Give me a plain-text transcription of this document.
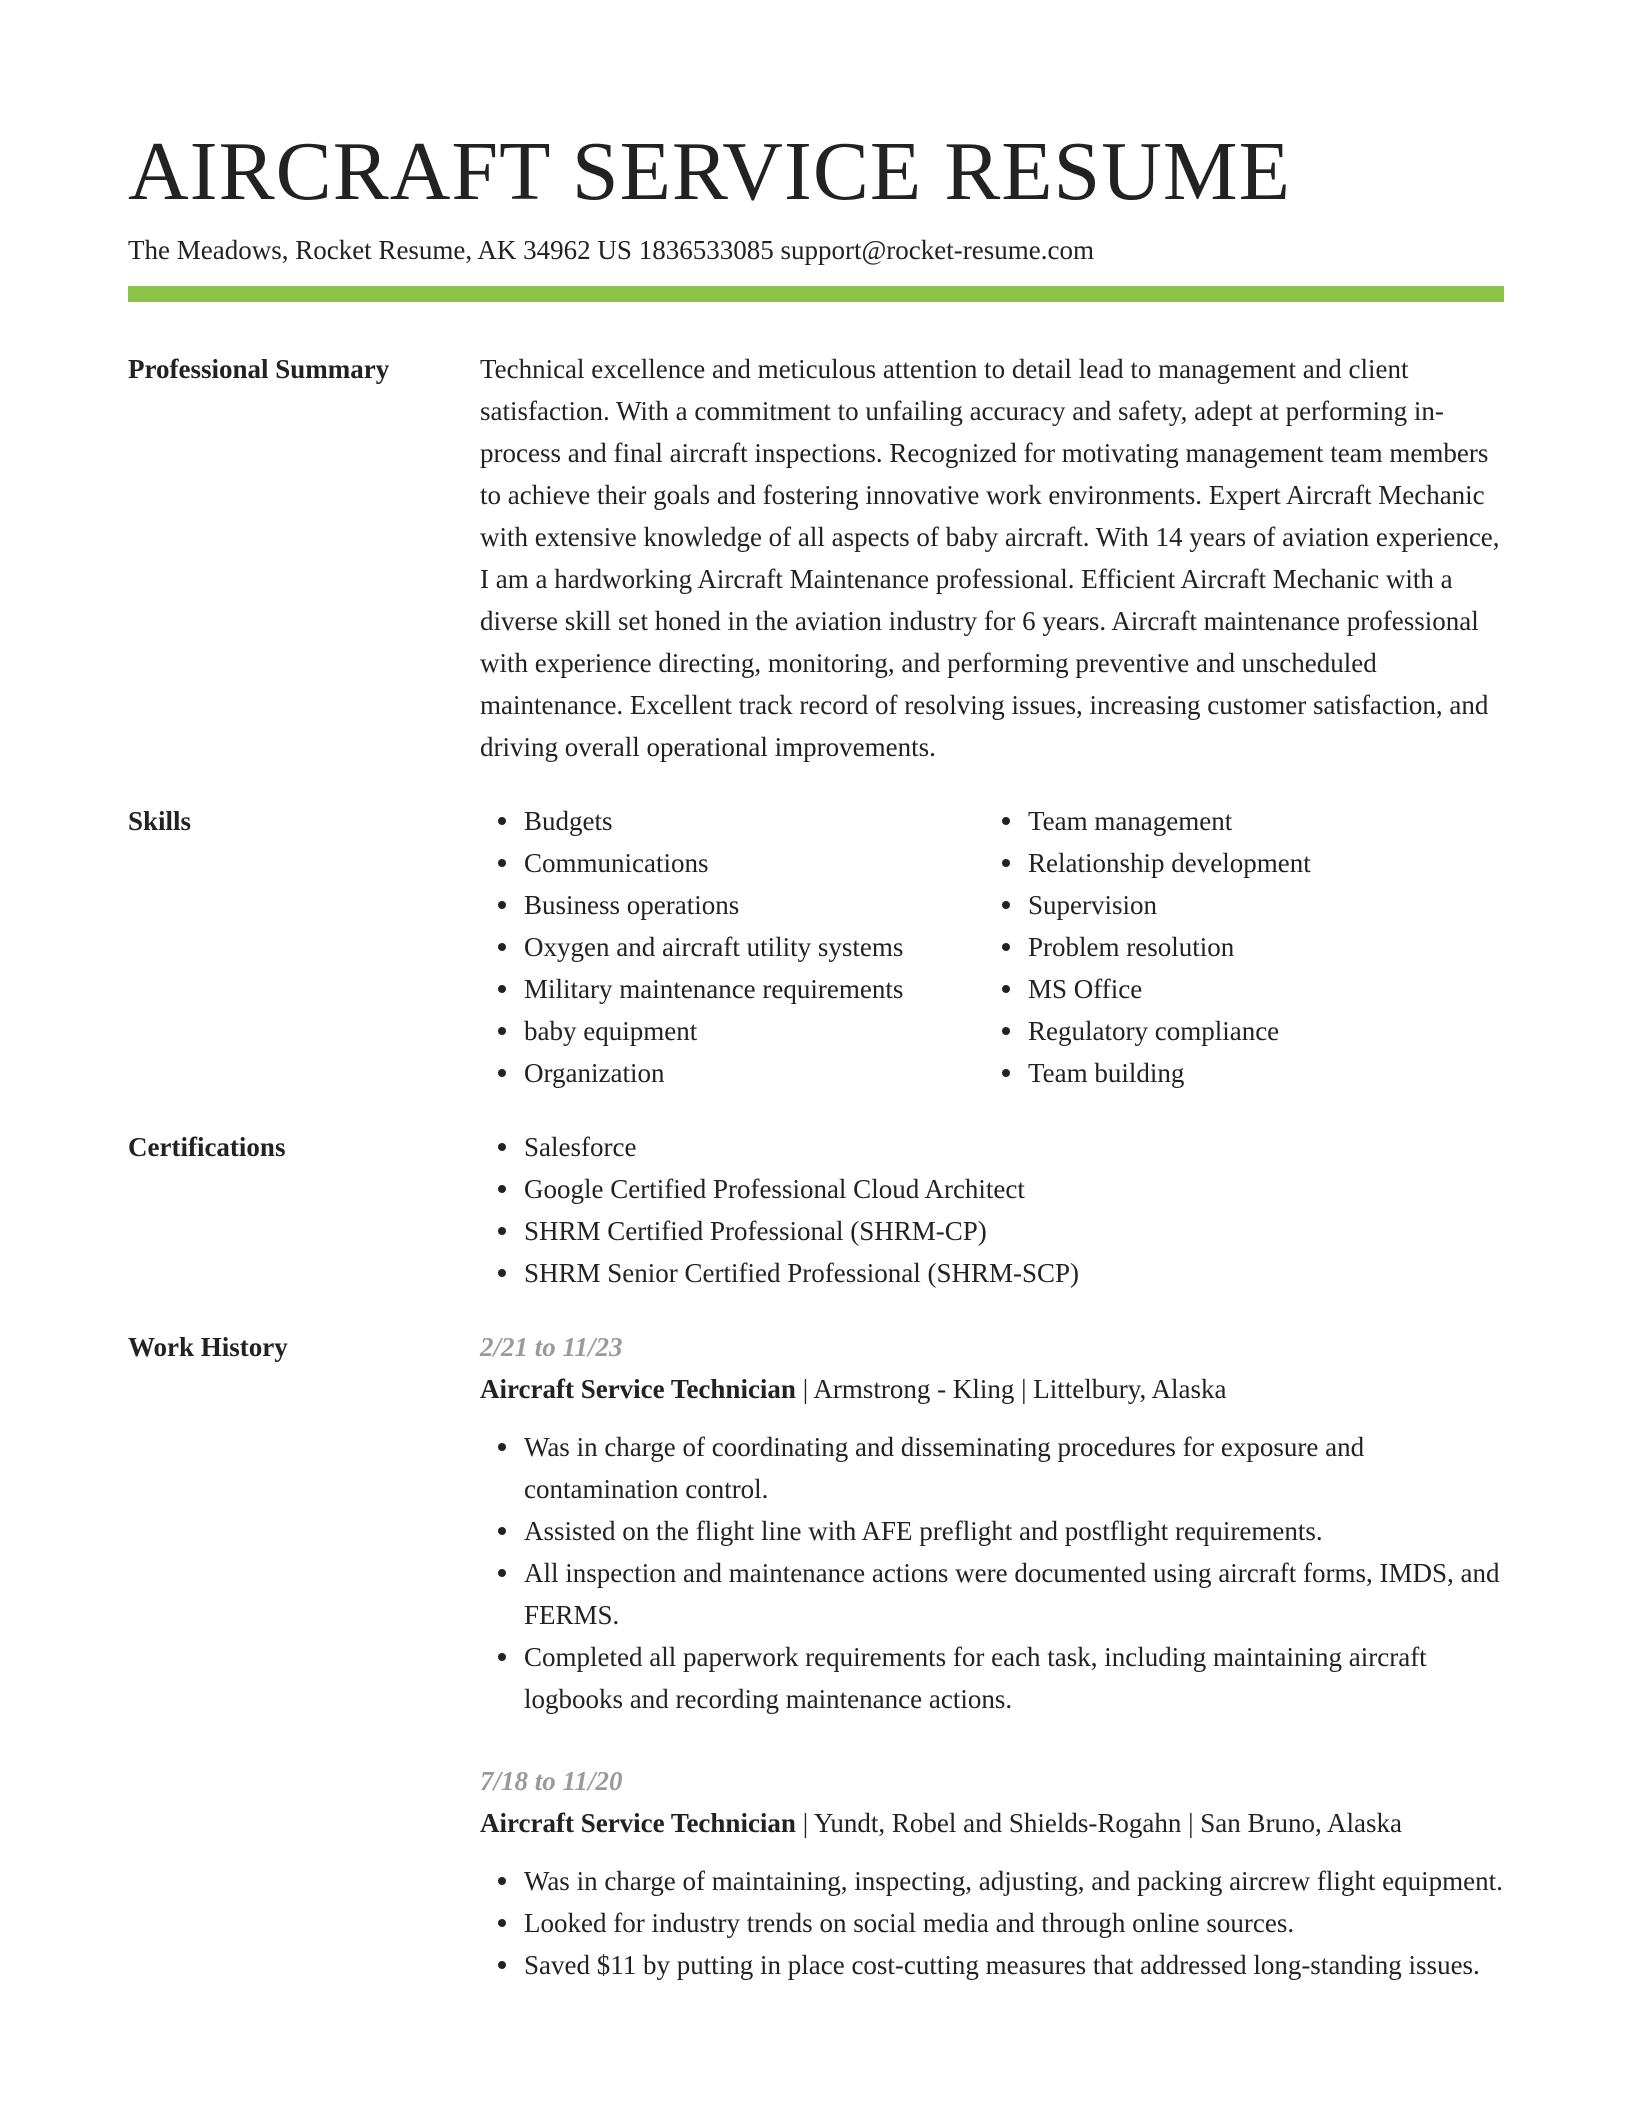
AIRCRAFT SERVICE RESUME
The Meadows, Rocket Resume, AK 34962 US 1836533085 support@rocket-resume.com
Professional Summary	Technical excellence and meticulous attention to detail lead to management and client satisfaction. With a commitment to unfailing accuracy and safety, adept at performing in-process and final aircraft inspections. Recognized for motivating management team members to achieve their goals and fostering innovative work environments. Expert Aircraft Mechanic with extensive knowledge of all aspects of baby aircraft. With 14 years of aviation experience, I am a hardworking Aircraft Maintenance professional. Efficient Aircraft Mechanic with a diverse skill set honed in the aviation industry for 6 years. Aircraft maintenance professional with experience directing, monitoring, and performing preventive and unscheduled maintenance. Excellent track record of resolving issues, increasing customer satisfaction, and driving overall operational improvements.

Skills	Budgets
Communications
Business operations
Oxygen and aircraft utility systems
Military maintenance requirements
baby equipment
Organization
Team management
Relationship development
Supervision
Problem resolution
MS Office
Regulatory compliance
Team building
Certifications	Salesforce
Google Certified Professional Cloud Architect
SHRM Certified Professional (SHRM-CP)
SHRM Senior Certified Professional (SHRM-SCP)
Work History	2/21 to 11/23
Aircraft Service Technician | Armstrong - Kling | Littelbury, Alaska
Was in charge of coordinating and disseminating procedures for exposure and contamination control.
Assisted on the flight line with AFE preflight and postflight requirements.
All inspection and maintenance actions were documented using aircraft forms, IMDS, and FERMS.
Completed all paperwork requirements for each task, including maintaining aircraft logbooks and recording maintenance actions.
7/18 to 11/20
Aircraft Service Technician | Yundt, Robel and Shields-Rogahn | San Bruno, Alaska
Was in charge of maintaining, inspecting, adjusting, and packing aircrew flight equipment.
Looked for industry trends on social media and through online sources.
Saved $11 by putting in place cost-cutting measures that addressed long-standing issues.
